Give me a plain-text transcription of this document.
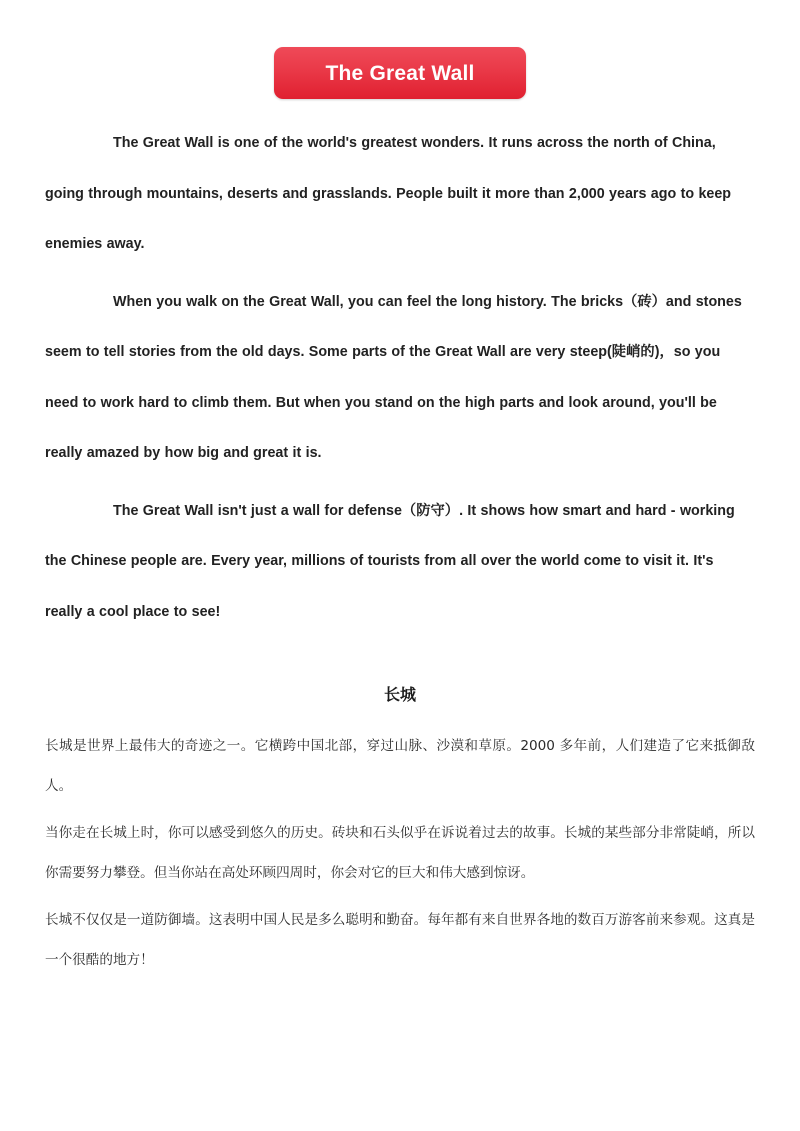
The Great Wall

The Great Wall is one of the world's greatest wonders. It runs across the north of China, going through mountains, deserts and grasslands. People built it more than 2,000 years ago to keep enemies away.

When you walk on the Great Wall, you can feel the long history. The bricks（砖）and stones seem to tell stories from the old days. Some parts of the Great Wall are very steep(陡峭的)，so you need to work hard to climb them. But when you stand on the high parts and look around, you'll be really amazed by how big and great it is.

The Great Wall isn't just a wall for defense（防守）. It shows how smart and hard - working the Chinese people are. Every year, millions of tourists from all over the world come to visit it. It's really a cool place to see!

长城

长城是世界上最伟大的奇迹之一。它横跨中国北部，穿过山脉、沙漠和草原。2000 多年前，人们建造了它来抵御敌人。

当你走在长城上时，你可以感受到悠久的历史。砖块和石头似乎在诉说着过去的故事。长城的某些部分非常陡峭，所以你需要努力攀登。但当你站在高处环顾四周时，你会对它的巨大和伟大感到惊讶。

长城不仅仅是一道防御墙。这表明中国人民是多么聪明和勤奋。每年都有来自世界各地的数百万游客前来参观。这真是一个很酷的地方！
